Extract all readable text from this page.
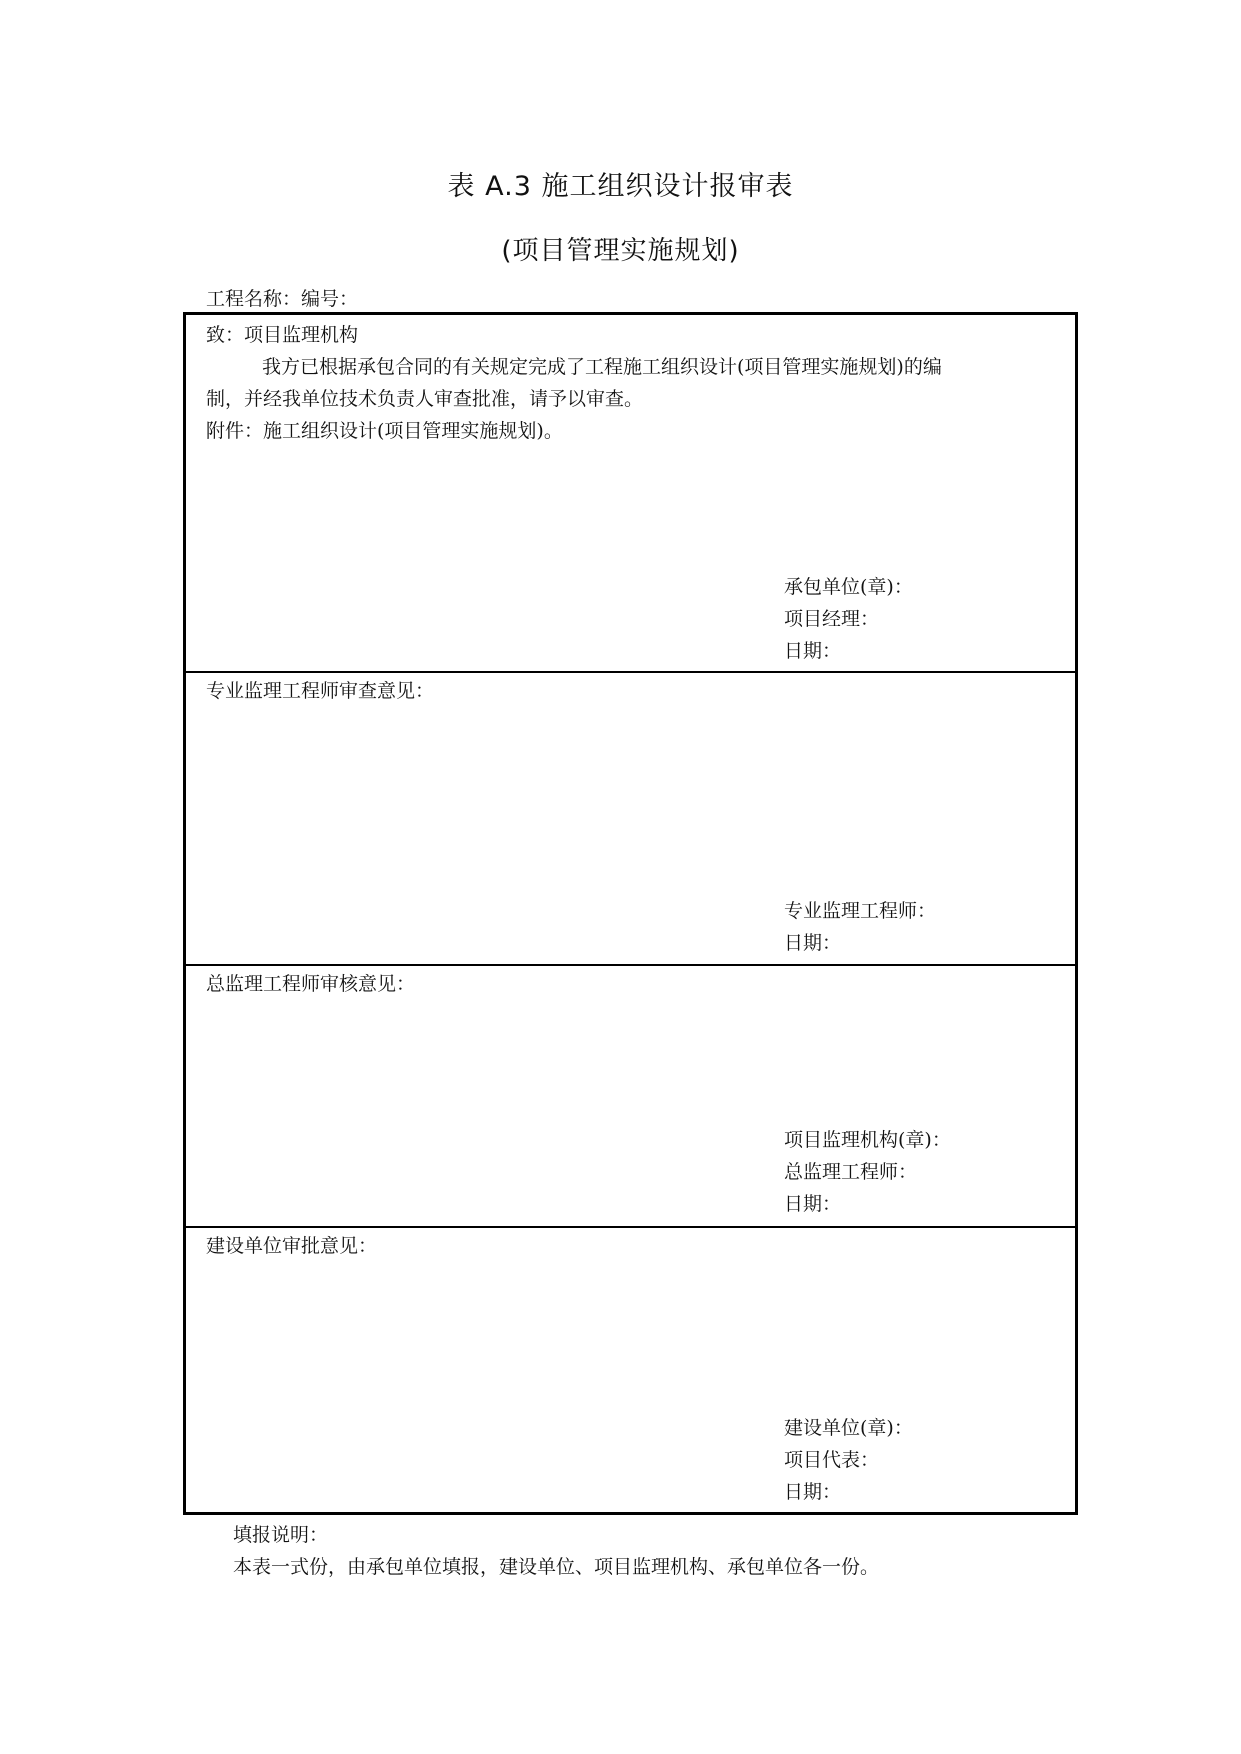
表 A.3 施工组织设计报审表
(项目管理实施规划)
工程名称：编号：
致：项目监理机构
我方已根据承包合同的有关规定完成了工程施工组织设计(项目管理实施规划)的编
制，并经我单位技术负责人审查批准，请予以审查。
附件：施工组织设计(项目管理实施规划)。
承包单位(章)：
项目经理：
日期：
专业监理工程师审查意见：
专业监理工程师：
日期：
总监理工程师审核意见：
项目监理机构(章)：
总监理工程师：
日期：
建设单位审批意见：
建设单位(章)：
项目代表：
日期：
填报说明：
本表一式份，由承包单位填报，建设单位、项目监理机构、承包单位各一份。
